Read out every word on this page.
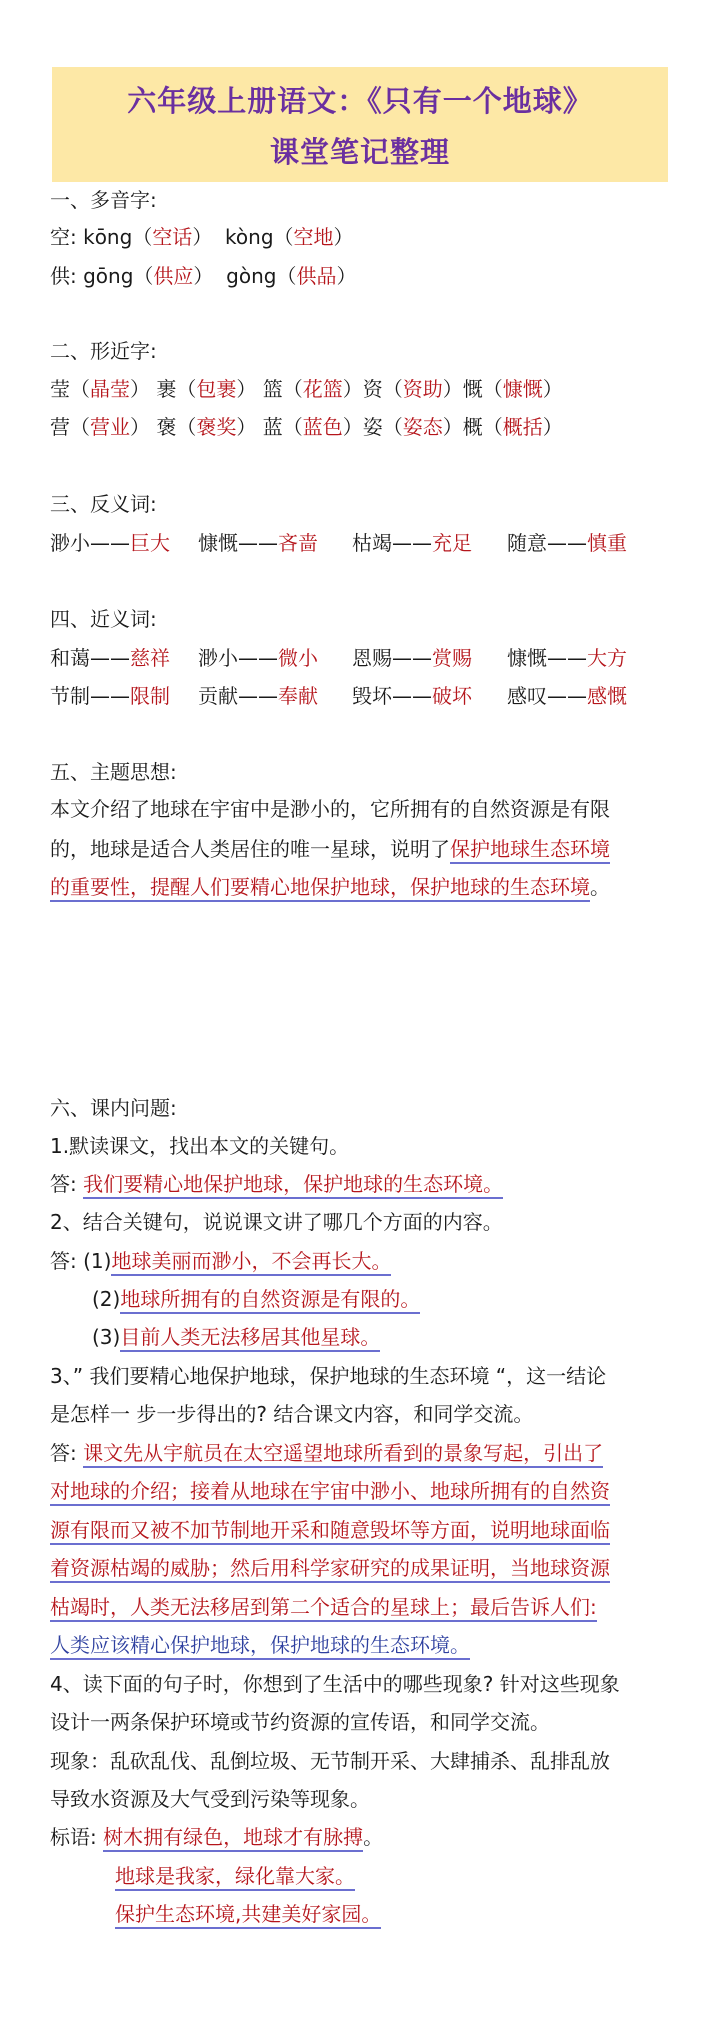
六年级上册语文：《只有一个地球》
课堂笔记整理
一、多音字:
空: kōng（空话）  kòng（空地）
供: gōng（供应）  gòng（供品）
二、形近字:
莹（晶莹） 裹（包裹） 篮（花篮）资（资助）慨（慷慨）
营（营业） 褒（褒奖） 蓝（蓝色）姿（姿态）概（概括）
三、反义词:
渺小——巨大 慷慨——吝啬 枯竭——充足 随意——慎重
四、近义词:
和蔼——慈祥 渺小——微小 恩赐——赏赐 慷慨——大方
节制——限制 贡献——奉献 毁坏——破坏 感叹——感慨
五、主题思想:
本文介绍了地球在宇宙中是渺小的，它所拥有的自然资源是有限
的，地球是适合人类居住的唯一星球，说明了保护地球生态环境
的重要性，提醒人们要精心地保护地球，保护地球的生态环境。
六、课内问题:
1.默读课文，找出本文的关键句。
答: 我们要精心地保护地球，保护地球的生态环境。
2、结合关键句，说说课文讲了哪几个方面的内容。
答: (1)地球美丽而渺小，不会再长大。
(2)地球所拥有的自然资源是有限的。
(3)目前人类无法移居其他星球。
3、” 我们要精心地保护地球，保护地球的生态环境 “，这一结论
是怎样一 步一步得出的? 结合课文内容，和同学交流。
答: 课文先从宇航员在太空遥望地球所看到的景象写起，引出了
对地球的介绍；接着从地球在宇宙中渺小、地球所拥有的自然资
源有限而又被不加节制地开采和随意毁坏等方面，说明地球面临
着资源枯竭的威胁；然后用科学家研究的成果证明，当地球资源
枯竭时，人类无法移居到第二个适合的星球上；最后告诉人们:
人类应该精心保护地球，保护地球的生态环境。
4、读下面的句子时，你想到了生活中的哪些现象? 针对这些现象
设计一两条保护环境或节约资源的宣传语，和同学交流。
现象：乱砍乱伐、乱倒垃圾、无节制开采、大肆捕杀、乱排乱放
导致水资源及大气受到污染等现象。
标语: 树木拥有绿色，地球才有脉搏。
地球是我家，绿化靠大家。
保护生态环境,共建美好家园。
